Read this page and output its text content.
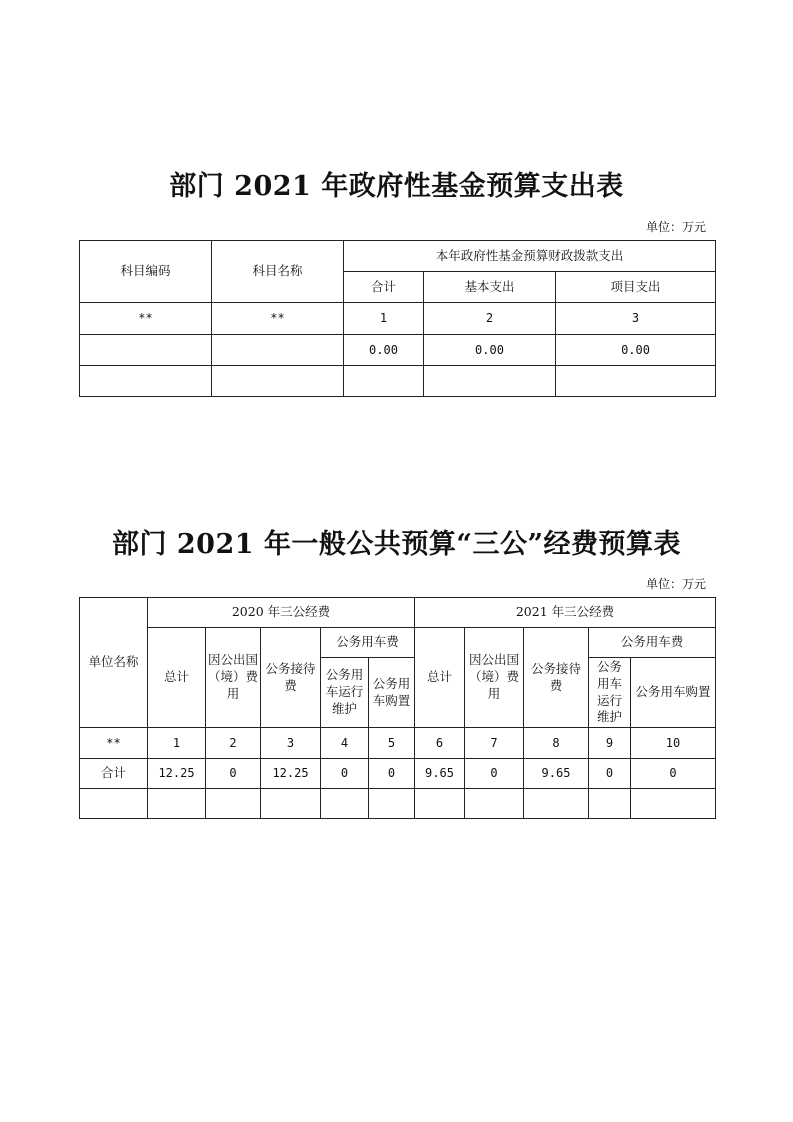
部门 2021 年政府性基金预算支出表
单位：万元
科目编码	科目名称	本年政府性基金预算财政拨款支出		
		合计	基本支出	项目支出
**	**	1	2	3
		0.00	0.00	0.00

部门 2021 年一般公共预算“三公”经费预算表
单位：万元
单位名称	2020 年三公经费					2021 年三公经费				
	总计	因公出国（境）费用	公务接待费	公务用车费		总计	因公出国（境）费用	公务接待费	公务用车费	
				公务用车运行维护	公务用车购置				公务用车运行维护	公务用车购置
**	1	2	3	4	5	6	7	8	9	10
合计	12.25	0	12.25	0	0	9.65	0	9.65	0	0
